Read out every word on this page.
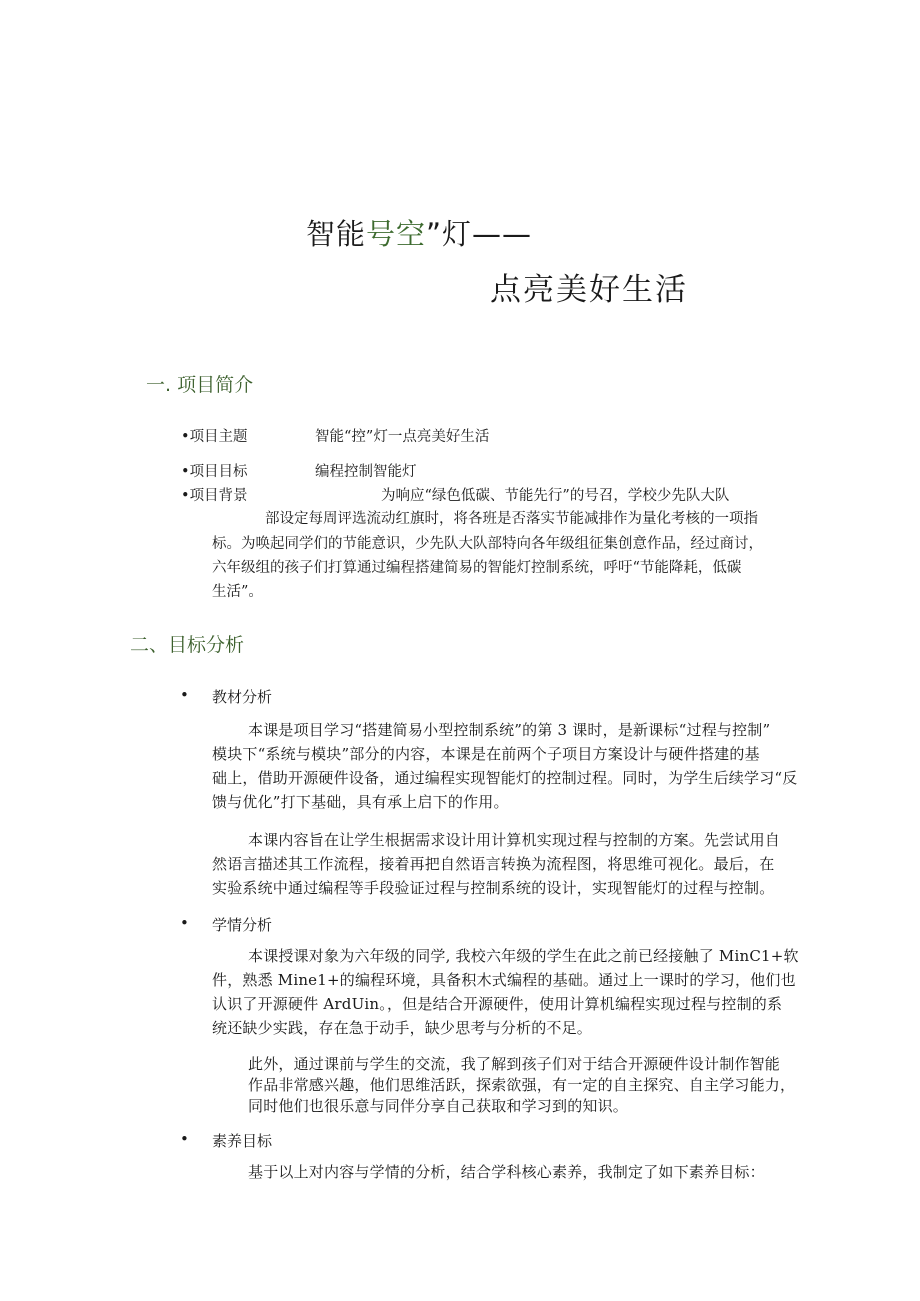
智能号空”灯——
点亮美好生活
一. 项目简介
•项目主题	智能“控”灯一点亮美好生活
•项目目标	编程控制智能灯
•项目背景	为响应“绿色低碳、节能先行”的号召，学校少先队大队
部设定每周评选流动红旗时，将各班是否落实节能减排作为量化考核的一项指
标。为唤起同学们的节能意识，少先队大队部特向各年级组征集创意作品，经过商讨，
六年级组的孩子们打算通过编程搭建简易的智能灯控制系统，呼吁“节能降耗，低碳
生活”。
二、目标分析
• 教材分析
本课是项目学习“搭建简易小型控制系统”的第 3 课时，是新课标“过程与控制”
模块下“系统与模块”部分的内容，本课是在前两个子项目方案设计与硬件搭建的基
础上，借助开源硬件设备，通过编程实现智能灯的控制过程。同时，为学生后续学习“反
馈与优化”打下基础，具有承上启下的作用。
本课内容旨在让学生根据需求设计用计算机实现过程与控制的方案。先尝试用自
然语言描述其工作流程，接着再把自然语言转换为流程图，将思维可视化。最后，在
实验系统中通过编程等手段验证过程与控制系统的设计，实现智能灯的过程与控制。
• 学情分析
本课授课对象为六年级的同学, 我校六年级的学生在此之前已经接触了 MinC1+软
件，熟悉 Mine1+的编程环境，具备积木式编程的基础。通过上一课时的学习，他们也
认识了开源硬件 ArdUin。，但是结合开源硬件，使用计算机编程实现过程与控制的系
统还缺少实践，存在急于动手，缺少思考与分析的不足。
此外，通过课前与学生的交流，我了解到孩子们对于结合开源硬件设计制作智能
作品非常感兴趣，他们思维活跃，探索欲强，有一定的自主探究、自主学习能力，
同时他们也很乐意与同伴分享自己获取和学习到的知识。
• 素养目标
基于以上对内容与学情的分析，结合学科核心素养，我制定了如下素养目标：
